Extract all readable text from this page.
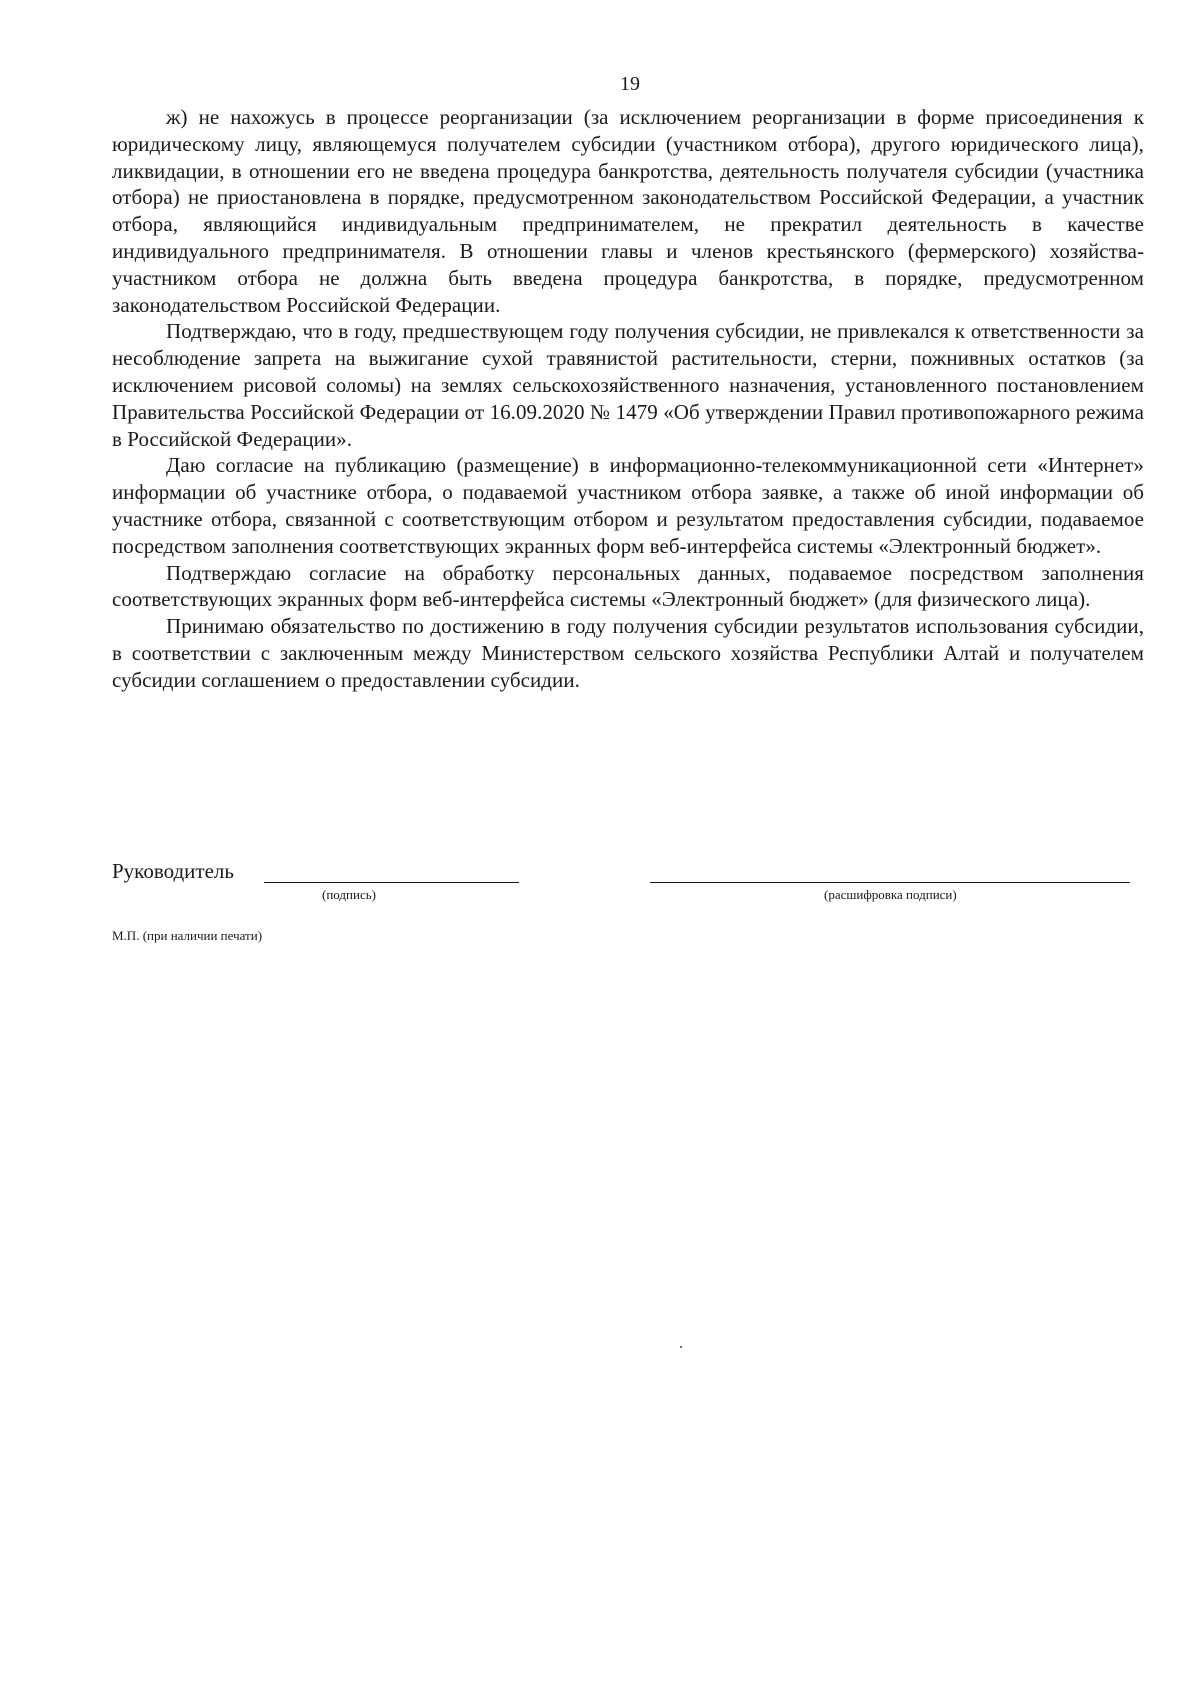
19

ж) не нахожусь в процессе реорганизации (за исключением реорганизации в форме присоединения к юридическому лицу, являющемуся получателем субсидии (участником отбора), другого юридического лица), ликвидации, в отношении его не введена процедура банкротства, деятельность получателя субсидии (участника отбора) не приостановлена в порядке, предусмотренном законодательством Российской Федерации, а участник отбора, являющийся индивидуальным предпринимателем, не прекратил деятельность в качестве индивидуального предпринимателя. В отношении главы и членов крестьянского (фермерского) хозяйства-участником отбора не должна быть введена процедура банкротства, в порядке, предусмотренном законодательством Российской Федерации.

Подтверждаю, что в году, предшествующем году получения субсидии, не привлекался к ответственности за несоблюдение запрета на выжигание сухой травянистой растительности, стерни, пожнивных остатков (за исключением рисовой соломы) на землях сельскохозяйственного назначения, установленного постановлением Правительства Российской Федерации от 16.09.2020 № 1479 «Об утверждении Правил противопожарного режима в Российской Федерации».

Даю согласие на публикацию (размещение) в информационно-телекоммуникационной сети «Интернет» информации об участнике отбора, о подаваемой участником отбора заявке, а также об иной информации об участнике отбора, связанной с соответствующим отбором и результатом предоставления субсидии, подаваемое посредством заполнения соответствующих экранных форм веб-интерфейса системы «Электронный бюджет».

Подтверждаю согласие на обработку персональных данных, подаваемое посредством заполнения соответствующих экранных форм веб-интерфейса системы «Электронный бюджет» (для физического лица).

Принимаю обязательство по достижению в году получения субсидии результатов использования субсидии, в соответствии с заключенным между Министерством сельского хозяйства Республики Алтай и получателем субсидии соглашением о предоставлении субсидии.

Руководитель
(подпись)	(расшифровка подписи)
М.П. (при наличии печати)
